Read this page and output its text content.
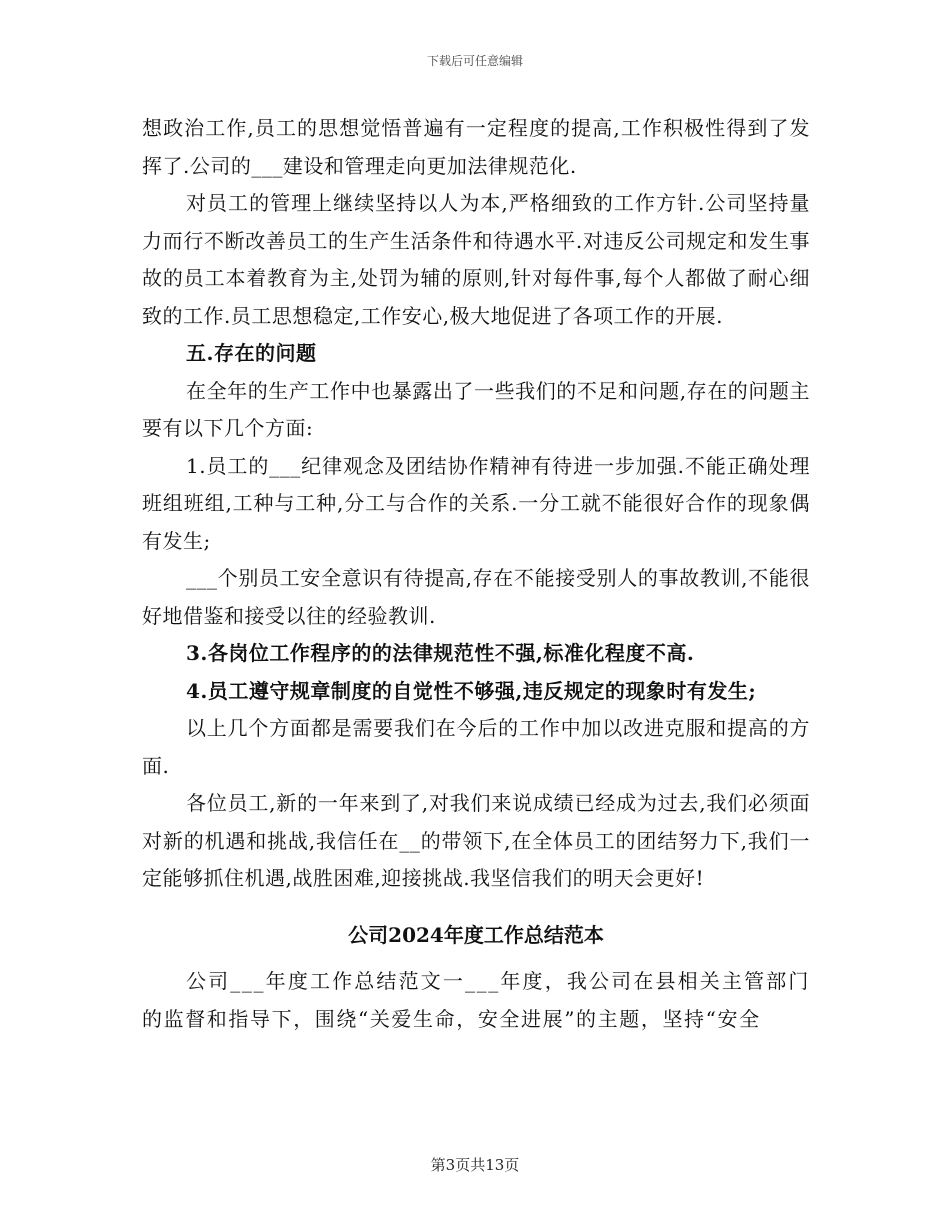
下载后可任意编辑

想政治工作,员工的思想觉悟普遍有一定程度的提高,工作积极性得到了发挥了.公司的___建设和管理走向更加法律规范化.

对员工的管理上继续坚持以人为本,严格细致的工作方针.公司坚持量力而行不断改善员工的生产生活条件和待遇水平.对违反公司规定和发生事故的员工本着教育为主,处罚为辅的原则,针对每件事,每个人都做了耐心细致的工作.员工思想稳定,工作安心,极大地促进了各项工作的开展.

五.存在的问题

在全年的生产工作中也暴露出了一些我们的不足和问题,存在的问题主要有以下几个方面:

1.员工的___纪律观念及团结协作精神有待进一步加强.不能正确处理班组班组,工种与工种,分工与合作的关系.一分工就不能很好合作的现象偶有发生;

___个别员工安全意识有待提高,存在不能接受别人的事故教训,不能很好地借鉴和接受以往的经验教训.

3.各岗位工作程序的的法律规范性不强,标准化程度不高.

4.员工遵守规章制度的自觉性不够强,违反规定的现象时有发生;

以上几个方面都是需要我们在今后的工作中加以改进克服和提高的方面.

各位员工,新的一年来到了,对我们来说成绩已经成为过去,我们必须面对新的机遇和挑战,我信任在__的带领下,在全体员工的团结努力下,我们一定能够抓住机遇,战胜困难,迎接挑战.我坚信我们的明天会更好!

公司2024年度工作总结范本

公司___年度工作总结范文一___年度，我公司在县相关主管部门的监督和指导下，围绕“关爱生命，安全进展”的主题，坚持“安全

第3页共13页
